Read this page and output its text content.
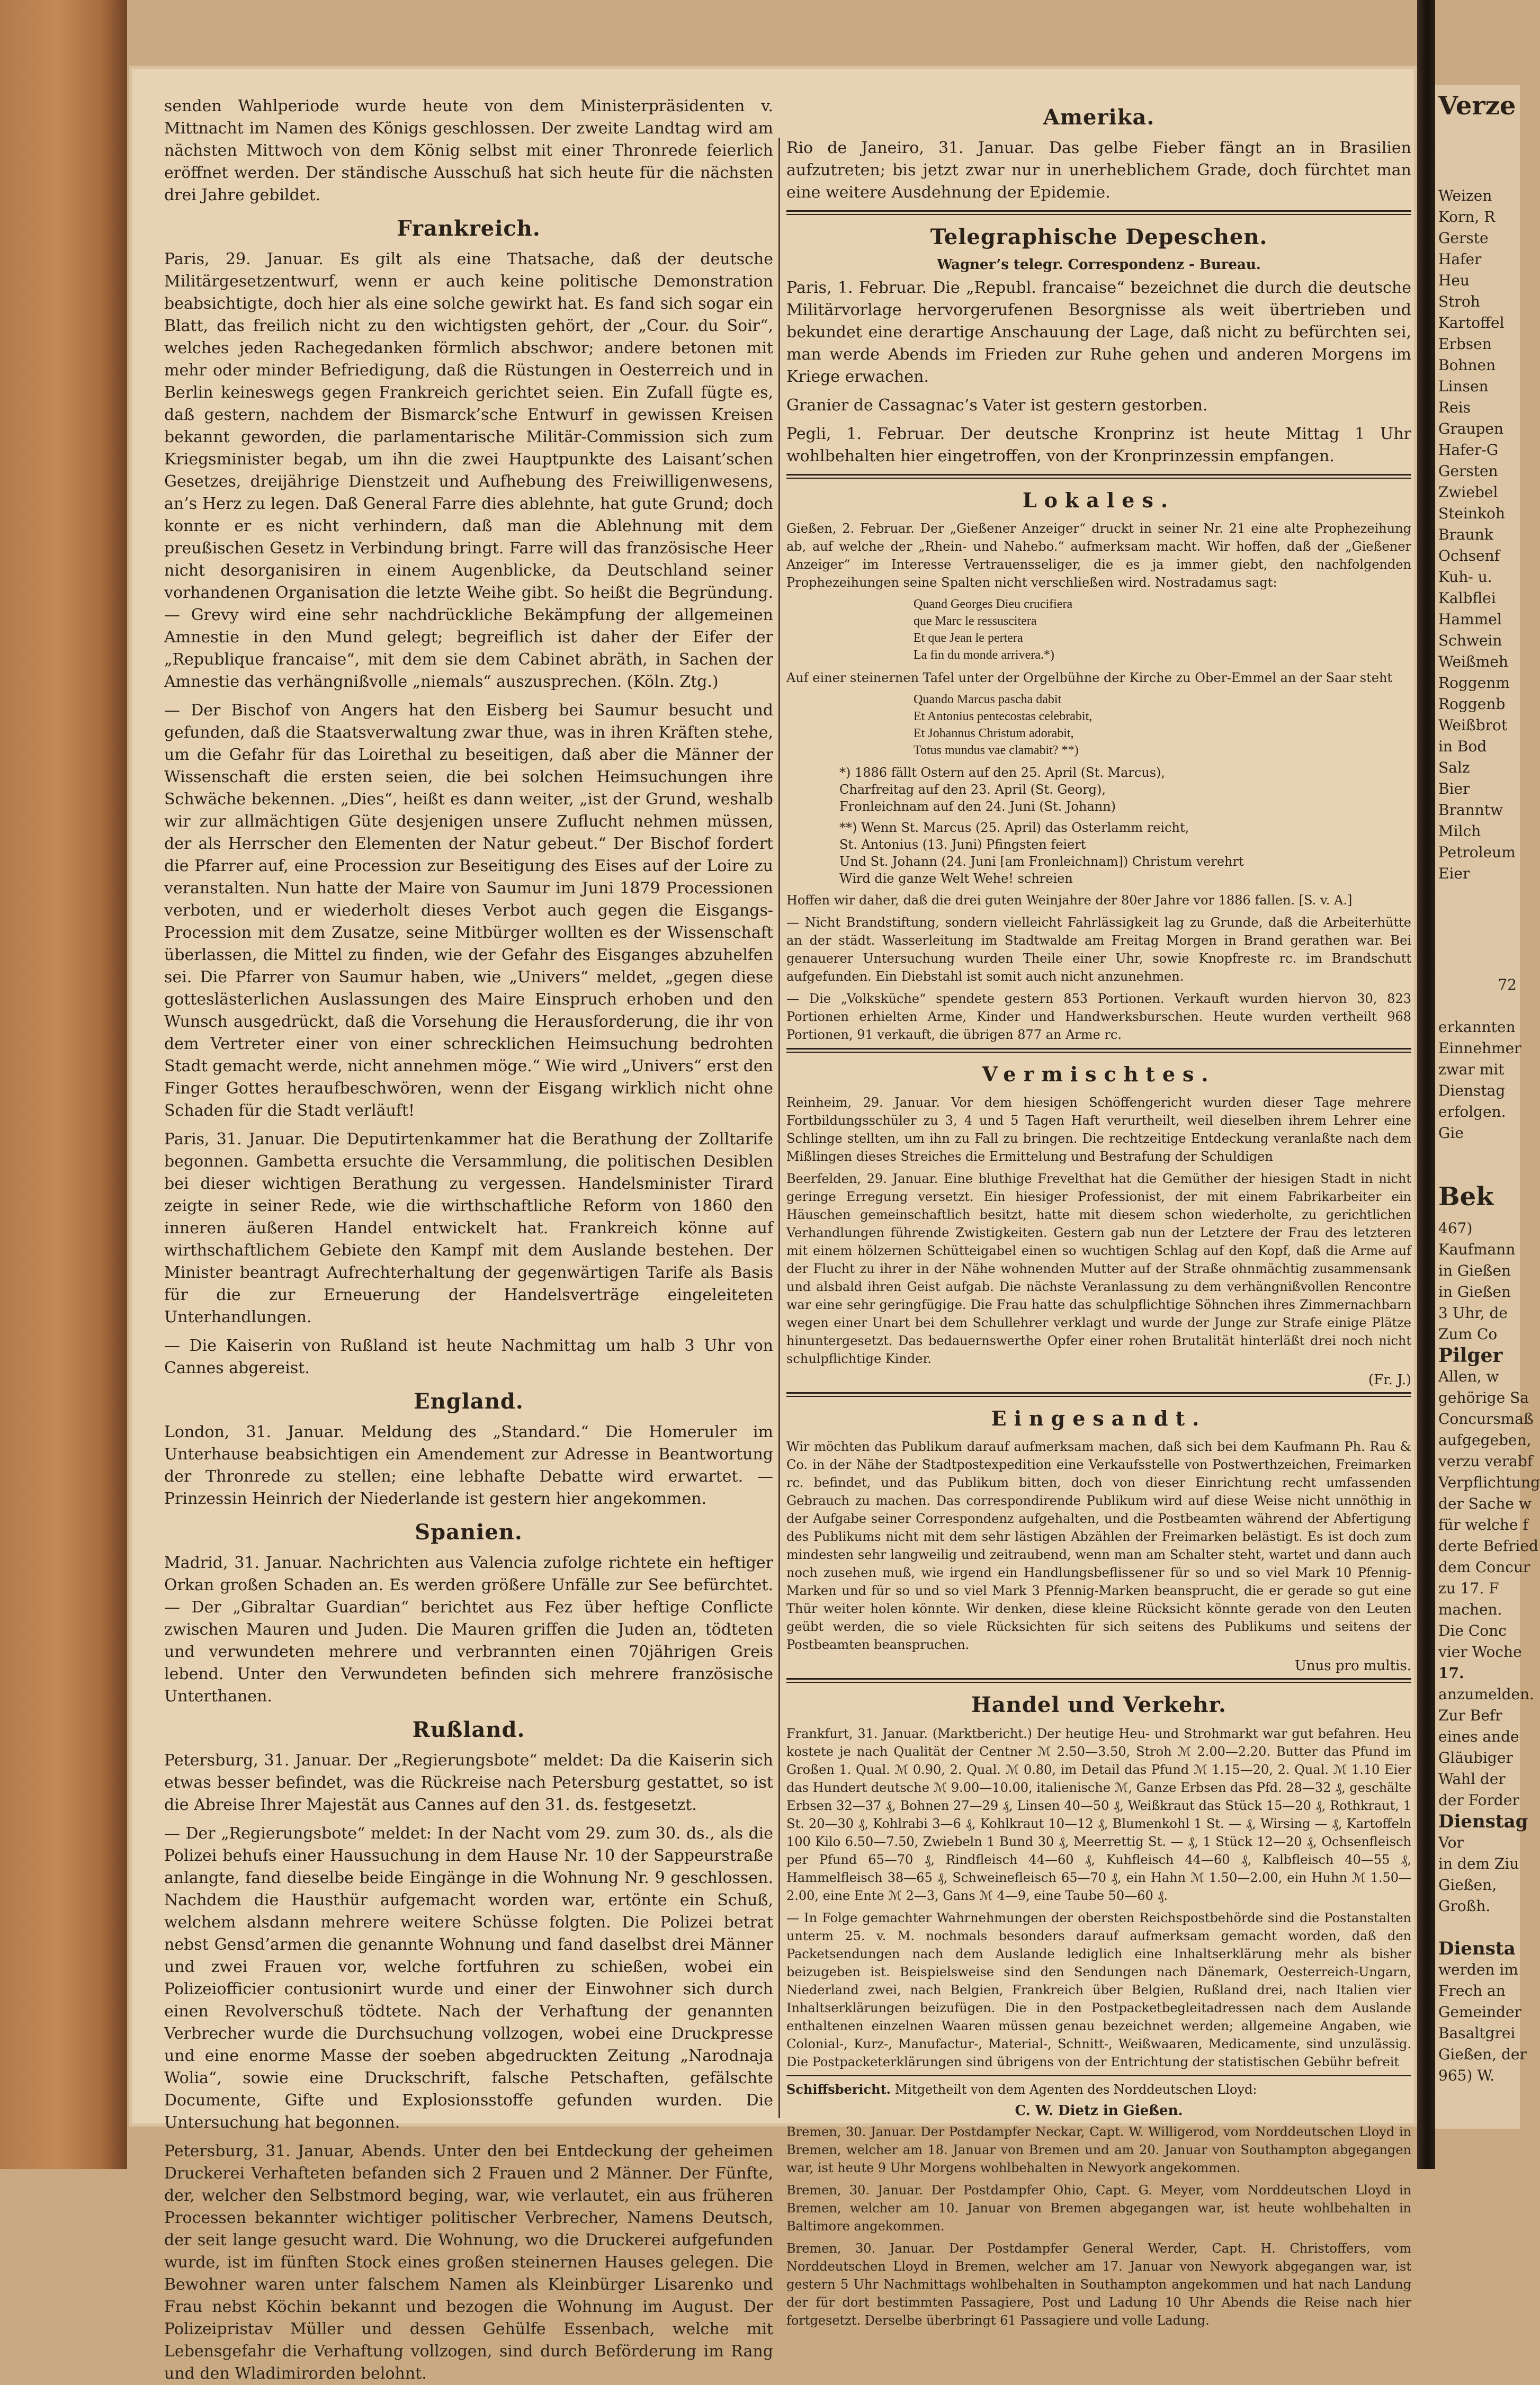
senden Wahlperiode wurde heute von dem Ministerpräsidenten v. Mittnacht im Namen des Königs geschlossen. Der zweite Landtag wird am nächsten Mittwoch von dem König selbst mit einer Thronrede feierlich eröffnet werden. Der ständische Ausschuß hat sich heute für die nächsten drei Jahre gebildet.

Frankreich.

Paris, 29. Januar. Es gilt als eine Thatsache, daß der deutsche Militärgesetzentwurf, wenn er auch keine politische Demonstration beabsichtigte, doch hier als eine solche gewirkt hat. Es fand sich sogar ein Blatt, das freilich nicht zu den wichtigsten gehört, der „Cour. du Soir“, welches jeden Rachegedanken förmlich abschwor; andere betonen mit mehr oder minder Befriedigung, daß die Rüstungen in Oesterreich und in Berlin keineswegs gegen Frankreich gerichtet seien. Ein Zufall fügte es, daß gestern, nachdem der Bismarck’sche Entwurf in gewissen Kreisen bekannt geworden, die parlamentarische Militär-Commission sich zum Kriegsminister begab, um ihn die zwei Hauptpunkte des Laisant’schen Gesetzes, dreijährige Dienstzeit und Aufhebung des Freiwilligenwesens, an’s Herz zu legen. Daß General Farre dies ablehnte, hat gute Grund; doch konnte er es nicht verhindern, daß man die Ablehnung mit dem preußischen Gesetz in Verbindung bringt. Farre will das französische Heer nicht desorganisiren in einem Augenblicke, da Deutschland seiner vorhandenen Organisation die letzte Weihe gibt. So heißt die Begründung. — Grevy wird eine sehr nachdrückliche Bekämpfung der allgemeinen Amnestie in den Mund gelegt; begreiflich ist daher der Eifer der „Republique francaise“, mit dem sie dem Cabinet abräth, in Sachen der Amnestie das verhängnißvolle „niemals“ auszusprechen. (Köln. Ztg.)

— Der Bischof von Angers hat den Eisberg bei Saumur besucht und gefunden, daß die Staatsverwaltung zwar thue, was in ihren Kräften stehe, um die Gefahr für das Loirethal zu beseitigen, daß aber die Männer der Wissenschaft die ersten seien, die bei solchen Heimsuchungen ihre Schwäche bekennen. „Dies“, heißt es dann weiter, „ist der Grund, weshalb wir zur allmächtigen Güte desjenigen unsere Zuflucht nehmen müssen, der als Herrscher den Elementen der Natur gebeut.“ Der Bischof fordert die Pfarrer auf, eine Procession zur Beseitigung des Eises auf der Loire zu veranstalten. Nun hatte der Maire von Saumur im Juni 1879 Processionen verboten, und er wiederholt dieses Verbot auch gegen die Eisgangs-Procession mit dem Zusatze, seine Mitbürger wollten es der Wissenschaft überlassen, die Mittel zu finden, wie der Gefahr des Eisganges abzuhelfen sei. Die Pfarrer von Saumur haben, wie „Univers“ meldet, „gegen diese gotteslästerlichen Auslassungen des Maire Einspruch erhoben und den Wunsch ausgedrückt, daß die Vorsehung die Herausforderung, die ihr von dem Vertreter einer von einer schrecklichen Heimsuchung bedrohten Stadt gemacht werde, nicht annehmen möge.“ Wie wird „Univers“ erst den Finger Gottes heraufbeschwören, wenn der Eisgang wirklich nicht ohne Schaden für die Stadt verläuft!

Paris, 31. Januar. Die Deputirtenkammer hat die Berathung der Zolltarife begonnen. Gambetta ersuchte die Versammlung, die politischen Desiblen bei dieser wichtigen Berathung zu vergessen. Handelsminister Tirard zeigte in seiner Rede, wie die wirthschaftliche Reform von 1860 den inneren äußeren Handel entwickelt hat. Frankreich könne auf wirthschaftlichem Gebiete den Kampf mit dem Auslande bestehen. Der Minister beantragt Aufrechterhaltung der gegenwärtigen Tarife als Basis für die zur Erneuerung der Handelsverträge eingeleiteten Unterhandlungen.

— Die Kaiserin von Rußland ist heute Nachmittag um halb 3 Uhr von Cannes abgereist.

England.

London, 31. Januar. Meldung des „Standard.“ Die Homeruler im Unterhause beabsichtigen ein Amendement zur Adresse in Beantwortung der Thronrede zu stellen; eine lebhafte Debatte wird erwartet. — Prinzessin Heinrich der Niederlande ist gestern hier angekommen.

Spanien.

Madrid, 31. Januar. Nachrichten aus Valencia zufolge richtete ein heftiger Orkan großen Schaden an. Es werden größere Unfälle zur See befürchtet. — Der „Gibraltar Guardian“ berichtet aus Fez über heftige Conflicte zwischen Mauren und Juden. Die Mauren griffen die Juden an, tödteten und verwundeten mehrere und verbrannten einen 70jährigen Greis lebend. Unter den Verwundeten befinden sich mehrere französische Unterthanen.

Rußland.

Petersburg, 31. Januar. Der „Regierungsbote“ meldet: Da die Kaiserin sich etwas besser befindet, was die Rückreise nach Petersburg gestattet, so ist die Abreise Ihrer Majestät aus Cannes auf den 31. ds. festgesetzt.

— Der „Regierungsbote“ meldet: In der Nacht vom 29. zum 30. ds., als die Polizei behufs einer Haussuchung in dem Hause Nr. 10 der Sappeurstraße anlangte, fand dieselbe beide Eingänge in die Wohnung Nr. 9 geschlossen. Nachdem die Hausthür aufgemacht worden war, ertönte ein Schuß, welchem alsdann mehrere weitere Schüsse folgten. Die Polizei betrat nebst Gensd’armen die genannte Wohnung und fand daselbst drei Männer und zwei Frauen vor, welche fortfuhren zu schießen, wobei ein Polizeiofficier contusionirt wurde und einer der Einwohner sich durch einen Revolverschuß tödtete. Nach der Verhaftung der genannten Verbrecher wurde die Durchsuchung vollzogen, wobei eine Druckpresse und eine enorme Masse der soeben abgedruckten Zeitung „Narodnaja Wolia“, sowie eine Druckschrift, falsche Petschaften, gefälschte Documente, Gifte und Explosionsstoffe gefunden wurden. Die Untersuchung hat begonnen.

Petersburg, 31. Januar, Abends. Unter den bei Entdeckung der geheimen Druckerei Verhafteten befanden sich 2 Frauen und 2 Männer. Der Fünfte, der, welcher den Selbstmord beging, war, wie verlautet, ein aus früheren Processen bekannter wichtiger politischer Verbrecher, Namens Deutsch, der seit lange gesucht ward. Die Wohnung, wo die Druckerei aufgefunden wurde, ist im fünften Stock eines großen steinernen Hauses gelegen. Die Bewohner waren unter falschem Namen als Kleinbürger Lisarenko und Frau nebst Köchin bekannt und bezogen die Wohnung im August. Der Polizeipristav Müller und dessen Gehülfe Essenbach, welche mit Lebensgefahr die Verhaftung vollzogen, sind durch Beförderung im Rang und den Wladimirorden belohnt.

Amerika.

Rio de Janeiro, 31. Januar. Das gelbe Fieber fängt an in Brasilien aufzutreten; bis jetzt zwar nur in unerheblichem Grade, doch fürchtet man eine weitere Ausdehnung der Epidemie.

Telegraphische Depeschen.
Wagner’s telegr. Correspondenz - Bureau.

Paris, 1. Februar. Die „Republ. francaise“ bezeichnet die durch die deutsche Militärvorlage hervorgerufenen Besorgnisse als weit übertrieben und bekundet eine derartige Anschauung der Lage, daß nicht zu befürchten sei, man werde Abends im Frieden zur Ruhe gehen und anderen Morgens im Kriege erwachen.

Granier de Cassagnac’s Vater ist gestern gestorben.

Pegli, 1. Februar. Der deutsche Kronprinz ist heute Mittag 1 Uhr wohlbehalten hier eingetroffen, von der Kronprinzessin empfangen.

Lokales.

Gießen, 2. Februar. Der „Gießener Anzeiger“ druckt in seiner Nr. 21 eine alte Prophezeihung ab, auf welche der „Rhein- und Nahebo.“ aufmerksam macht. Wir hoffen, daß der „Gießener Anzeiger“ im Interesse Vertrauensseliger, die es ja immer giebt, den nachfolgenden Prophezeihungen seine Spalten nicht verschließen wird. Nostradamus sagt:

Quand Georges Dieu crucifiera
que Marc le ressuscitera
Et que Jean le pertera
La fin du monde arrivera.*)

Auf einer steinernen Tafel unter der Orgelbühne der Kirche zu Ober-Emmel an der Saar steht

Quando Marcus pascha dabit
Et Antonius pentecostas celebrabit,
Et Johannus Christum adorabit,
Totus mundus vae clamabit? **)
*) 1886 fällt Ostern auf den 25. April (St. Marcus),
Charfreitag auf den 23. April (St. Georg),
Fronleichnam auf den 24. Juni (St. Johann)
**) Wenn St. Marcus (25. April) das Osterlamm reicht,
St. Antonius (13. Juni) Pfingsten feiert
Und St. Johann (24. Juni [am Fronleichnam]) Christum verehrt
Wird die ganze Welt Wehe! schreien

Hoffen wir daher, daß die drei guten Weinjahre der 80er Jahre vor 1886 fallen. [S. v. A.]

— Nicht Brandstiftung, sondern vielleicht Fahrlässigkeit lag zu Grunde, daß die Arbeiterhütte an der städt. Wasserleitung im Stadtwalde am Freitag Morgen in Brand gerathen war. Bei genauerer Untersuchung wurden Theile einer Uhr, sowie Knopfreste rc. im Brandschutt aufgefunden. Ein Diebstahl ist somit auch nicht anzunehmen.

— Die „Volksküche“ spendete gestern 853 Portionen. Verkauft wurden hiervon 30, 823 Portionen erhielten Arme, Kinder und Handwerksburschen. Heute wurden vertheilt 968 Portionen, 91 verkauft, die übrigen 877 an Arme rc.

Vermischtes.

Reinheim, 29. Januar. Vor dem hiesigen Schöffengericht wurden dieser Tage mehrere Fortbildungsschüler zu 3, 4 und 5 Tagen Haft verurtheilt, weil dieselben ihrem Lehrer eine Schlinge stellten, um ihn zu Fall zu bringen. Die rechtzeitige Entdeckung veranlaßte nach dem Mißlingen dieses Streiches die Ermittelung und Bestrafung der Schuldigen

Beerfelden, 29. Januar. Eine bluthige Frevelthat hat die Gemüther der hiesigen Stadt in nicht geringe Erregung versetzt. Ein hiesiger Professionist, der mit einem Fabrikarbeiter ein Häuschen gemeinschaftlich besitzt, hatte mit diesem schon wiederholte, zu gerichtlichen Verhandlungen führende Zwistigkeiten. Gestern gab nun der Letztere der Frau des letzteren mit einem hölzernen Schütteigabel einen so wuchtigen Schlag auf den Kopf, daß die Arme auf der Flucht zu ihrer in der Nähe wohnenden Mutter auf der Straße ohnmächtig zusammensank und alsbald ihren Geist aufgab. Die nächste Veranlassung zu dem verhängnißvollen Rencontre war eine sehr geringfügige. Die Frau hatte das schulpflichtige Söhnchen ihres Zimmernachbarn wegen einer Unart bei dem Schullehrer verklagt und wurde der Junge zur Strafe einige Plätze hinuntergesetzt. Das bedauernswerthe Opfer einer rohen Brutalität hinterläßt drei noch nicht schulpflichtige Kinder.

(Fr. J.)
Eingesandt.

Wir möchten das Publikum darauf aufmerksam machen, daß sich bei dem Kaufmann Ph. Rau & Co. in der Nähe der Stadtpostexpedition eine Verkaufsstelle von Postwerthzeichen, Freimarken rc. befindet, und das Publikum bitten, doch von dieser Einrichtung recht umfassenden Gebrauch zu machen. Das correspondirende Publikum wird auf diese Weise nicht unnöthig in der Aufgabe seiner Correspondenz aufgehalten, und die Postbeamten während der Abfertigung des Publikums nicht mit dem sehr lästigen Abzählen der Freimarken belästigt. Es ist doch zum mindesten sehr langweilig und zeitraubend, wenn man am Schalter steht, wartet und dann auch noch zusehen muß, wie irgend ein Handlungsbeflissener für so und so viel Mark 10 Pfennig-Marken und für so und so viel Mark 3 Pfennig-Marken beansprucht, die er gerade so gut eine Thür weiter holen könnte. Wir denken, diese kleine Rücksicht könnte gerade von den Leuten geübt werden, die so viele Rücksichten für sich seitens des Publikums und seitens der Postbeamten beanspruchen.

Unus pro multis.
Handel und Verkehr.

Frankfurt, 31. Januar. (Marktbericht.) Der heutige Heu- und Strohmarkt war gut befahren. Heu kostete je nach Qualität der Centner ℳ 2.50—3.50, Stroh ℳ 2.00—2.20. Butter das Pfund im Großen 1. Qual. ℳ 0.90, 2. Qual. ℳ 0.80, im Detail das Pfund ℳ 1.15—20, 2. Qual. ℳ 1.10 Eier das Hundert deutsche ℳ 9.00—10.00, italienische ℳ, Ganze Erbsen das Pfd. 28—32 ₰, geschälte Erbsen 32—37 ₰, Bohnen 27—29 ₰, Linsen 40—50 ₰, Weißkraut das Stück 15—20 ₰, Rothkraut, 1 St. 20—30 ₰, Kohlrabi 3—6 ₰, Kohlkraut 10—12 ₰, Blumenkohl 1 St. — ₰, Wirsing — ₰, Kartoffeln 100 Kilo 6.50—7.50, Zwiebeln 1 Bund 30 ₰, Meerrettig St. — ₰, 1 Stück 12—20 ₰, Ochsenfleisch per Pfund 65—70 ₰, Rindfleisch 44—60 ₰, Kuhfleisch 44—60 ₰, Kalbfleisch 40—55 ₰, Hammelfleisch 38—65 ₰, Schweinefleisch 65—70 ₰, ein Hahn ℳ 1.50—2.00, ein Huhn ℳ 1.50—2.00, eine Ente ℳ 2—3, Gans ℳ 4—9, eine Taube 50—60 ₰.

— In Folge gemachter Wahrnehmungen der obersten Reichspostbehörde sind die Postanstalten unterm 25. v. M. nochmals besonders darauf aufmerksam gemacht worden, daß den Packetsendungen nach dem Auslande lediglich eine Inhaltserklärung mehr als bisher beizugeben ist. Beispielsweise sind den Sendungen nach Dänemark, Oesterreich-Ungarn, Niederland zwei, nach Belgien, Frankreich über Belgien, Rußland drei, nach Italien vier Inhaltserklärungen beizufügen. Die in den Postpacketbegleitadressen nach dem Auslande enthaltenen einzelnen Waaren müssen genau bezeichnet werden; allgemeine Angaben, wie Colonial-, Kurz-, Manufactur-, Material-, Schnitt-, Weißwaaren, Medicamente, sind unzulässig. Die Postpacketerklärungen sind übrigens von der Entrichtung der statistischen Gebühr befreit

Schiffsbericht. Mitgetheilt von dem Agenten des Norddeutschen Lloyd:

C. W. Dietz in Gießen.

Bremen, 30. Januar. Der Postdampfer Neckar, Capt. W. Willigerod, vom Norddeutschen Lloyd in Bremen, welcher am 18. Januar von Bremen und am 20. Januar von Southampton abgegangen war, ist heute 9 Uhr Morgens wohlbehalten in Newyork angekommen.

Bremen, 30. Januar. Der Postdampfer Ohio, Capt. G. Meyer, vom Norddeutschen Lloyd in Bremen, welcher am 10. Januar von Bremen abgegangen war, ist heute wohlbehalten in Baltimore angekommen.

Bremen, 30. Januar. Der Postdampfer General Werder, Capt. H. Christoffers, vom Norddeutschen Lloyd in Bremen, welcher am 17. Januar von Newyork abgegangen war, ist gestern 5 Uhr Nachmittags wohlbehalten in Southampton angekommen und hat nach Landung der für dort bestimmten Passagiere, Post und Ladung 10 Uhr Abends die Reise nach hier fortgesetzt. Derselbe überbringt 61 Passagiere und volle Ladung.

Verze
Weizen
Korn, R
Gerste
Hafer
Heu
Stroh
Kartoffel
Erbsen
Bohnen
Linsen
Reis
Graupen
Hafer-G
Gersten
Zwiebel
Steinkoh
Braunk
Ochsenf
Kuh- u.
Kalbflei
Hammel
Schwein
Weißmeh
Roggenm
Roggenb
Weißbrot
in Bod
Salz
Bier
Branntw
Milch
Petroleum
Eier
72
erkannten
Einnehmer
zwar mit
Dienstag
erfolgen.
Gie
Bek
467)
Kaufmann
in Gießen
in Gießen
3 Uhr, de
Zum Co
Pilger
Allen, w
gehörige Sa
Concursmaß
aufgegeben,
verzu verabf
Verpflichtung
der Sache w
für welche f
derte Befried
dem Concur
zu 17. F
machen.
Die Conc
vier Woche
17.
anzumelden.
Zur Befr
eines ande
Gläubiger
Wahl der
der Forder
Dienstag
Vor
in dem Ziu
Gießen,
Großh.
Diensta
werden im
Frech an
Gemeinder
Basaltgrei
Gießen, der
965) W.
